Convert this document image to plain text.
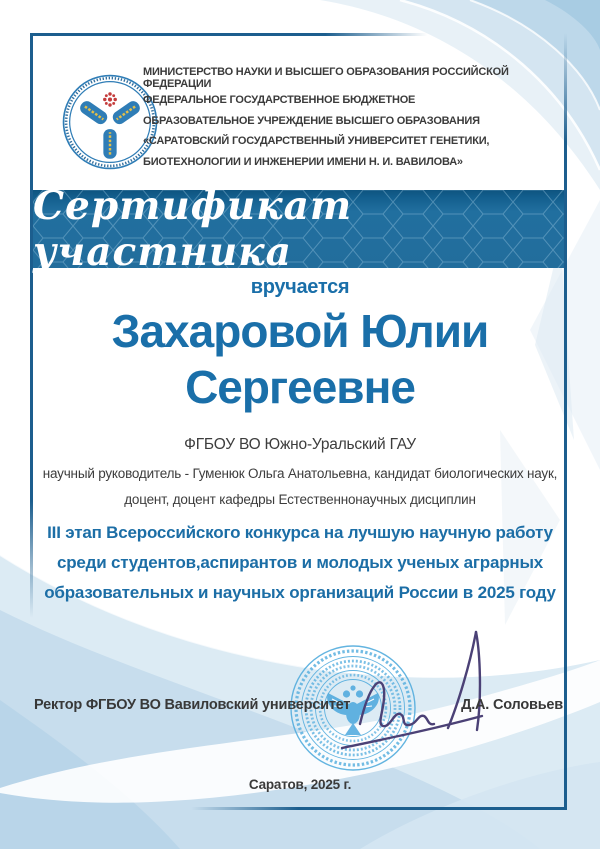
МИНИСТЕРСТВО НАУКИ И ВЫСШЕГО ОБРАЗОВАНИЯ РОССИЙСКОЙ ФЕДЕРАЦИИ
ФЕДЕРАЛЬНОЕ ГОСУДАРСТВЕННОЕ БЮДЖЕТНОЕ
ОБРАЗОВАТЕЛЬНОЕ УЧРЕЖДЕНИЕ ВЫСШЕГО ОБРАЗОВАНИЯ
«САРАТОВСКИЙ ГОСУДАРСТВЕННЫЙ УНИВЕРСИТЕТ ГЕНЕТИКИ,
БИОТЕХНОЛОГИИ И ИНЖЕНЕРИИ ИМЕНИ Н. И. ВАВИЛОВА»
Сертификат участника
вручается
Захаровой Юлии
Сергеевне
ФГБОУ ВО Южно-Уральский ГАУ
научный руководитель - Гуменюк Ольга Анатольевна, кандидат биологических наук,
доцент, доцент кафедры Естественнонаучных дисциплин
III этап Всероссийского конкурса на лучшую научную работу
среди студентов,аспирантов и молодых ученых аграрных
образовательных и научных организаций России в 2025 году
Ректор ФГБОУ ВО Вавиловский университет	Д.А. Соловьев
Саратов, 2025 г.
